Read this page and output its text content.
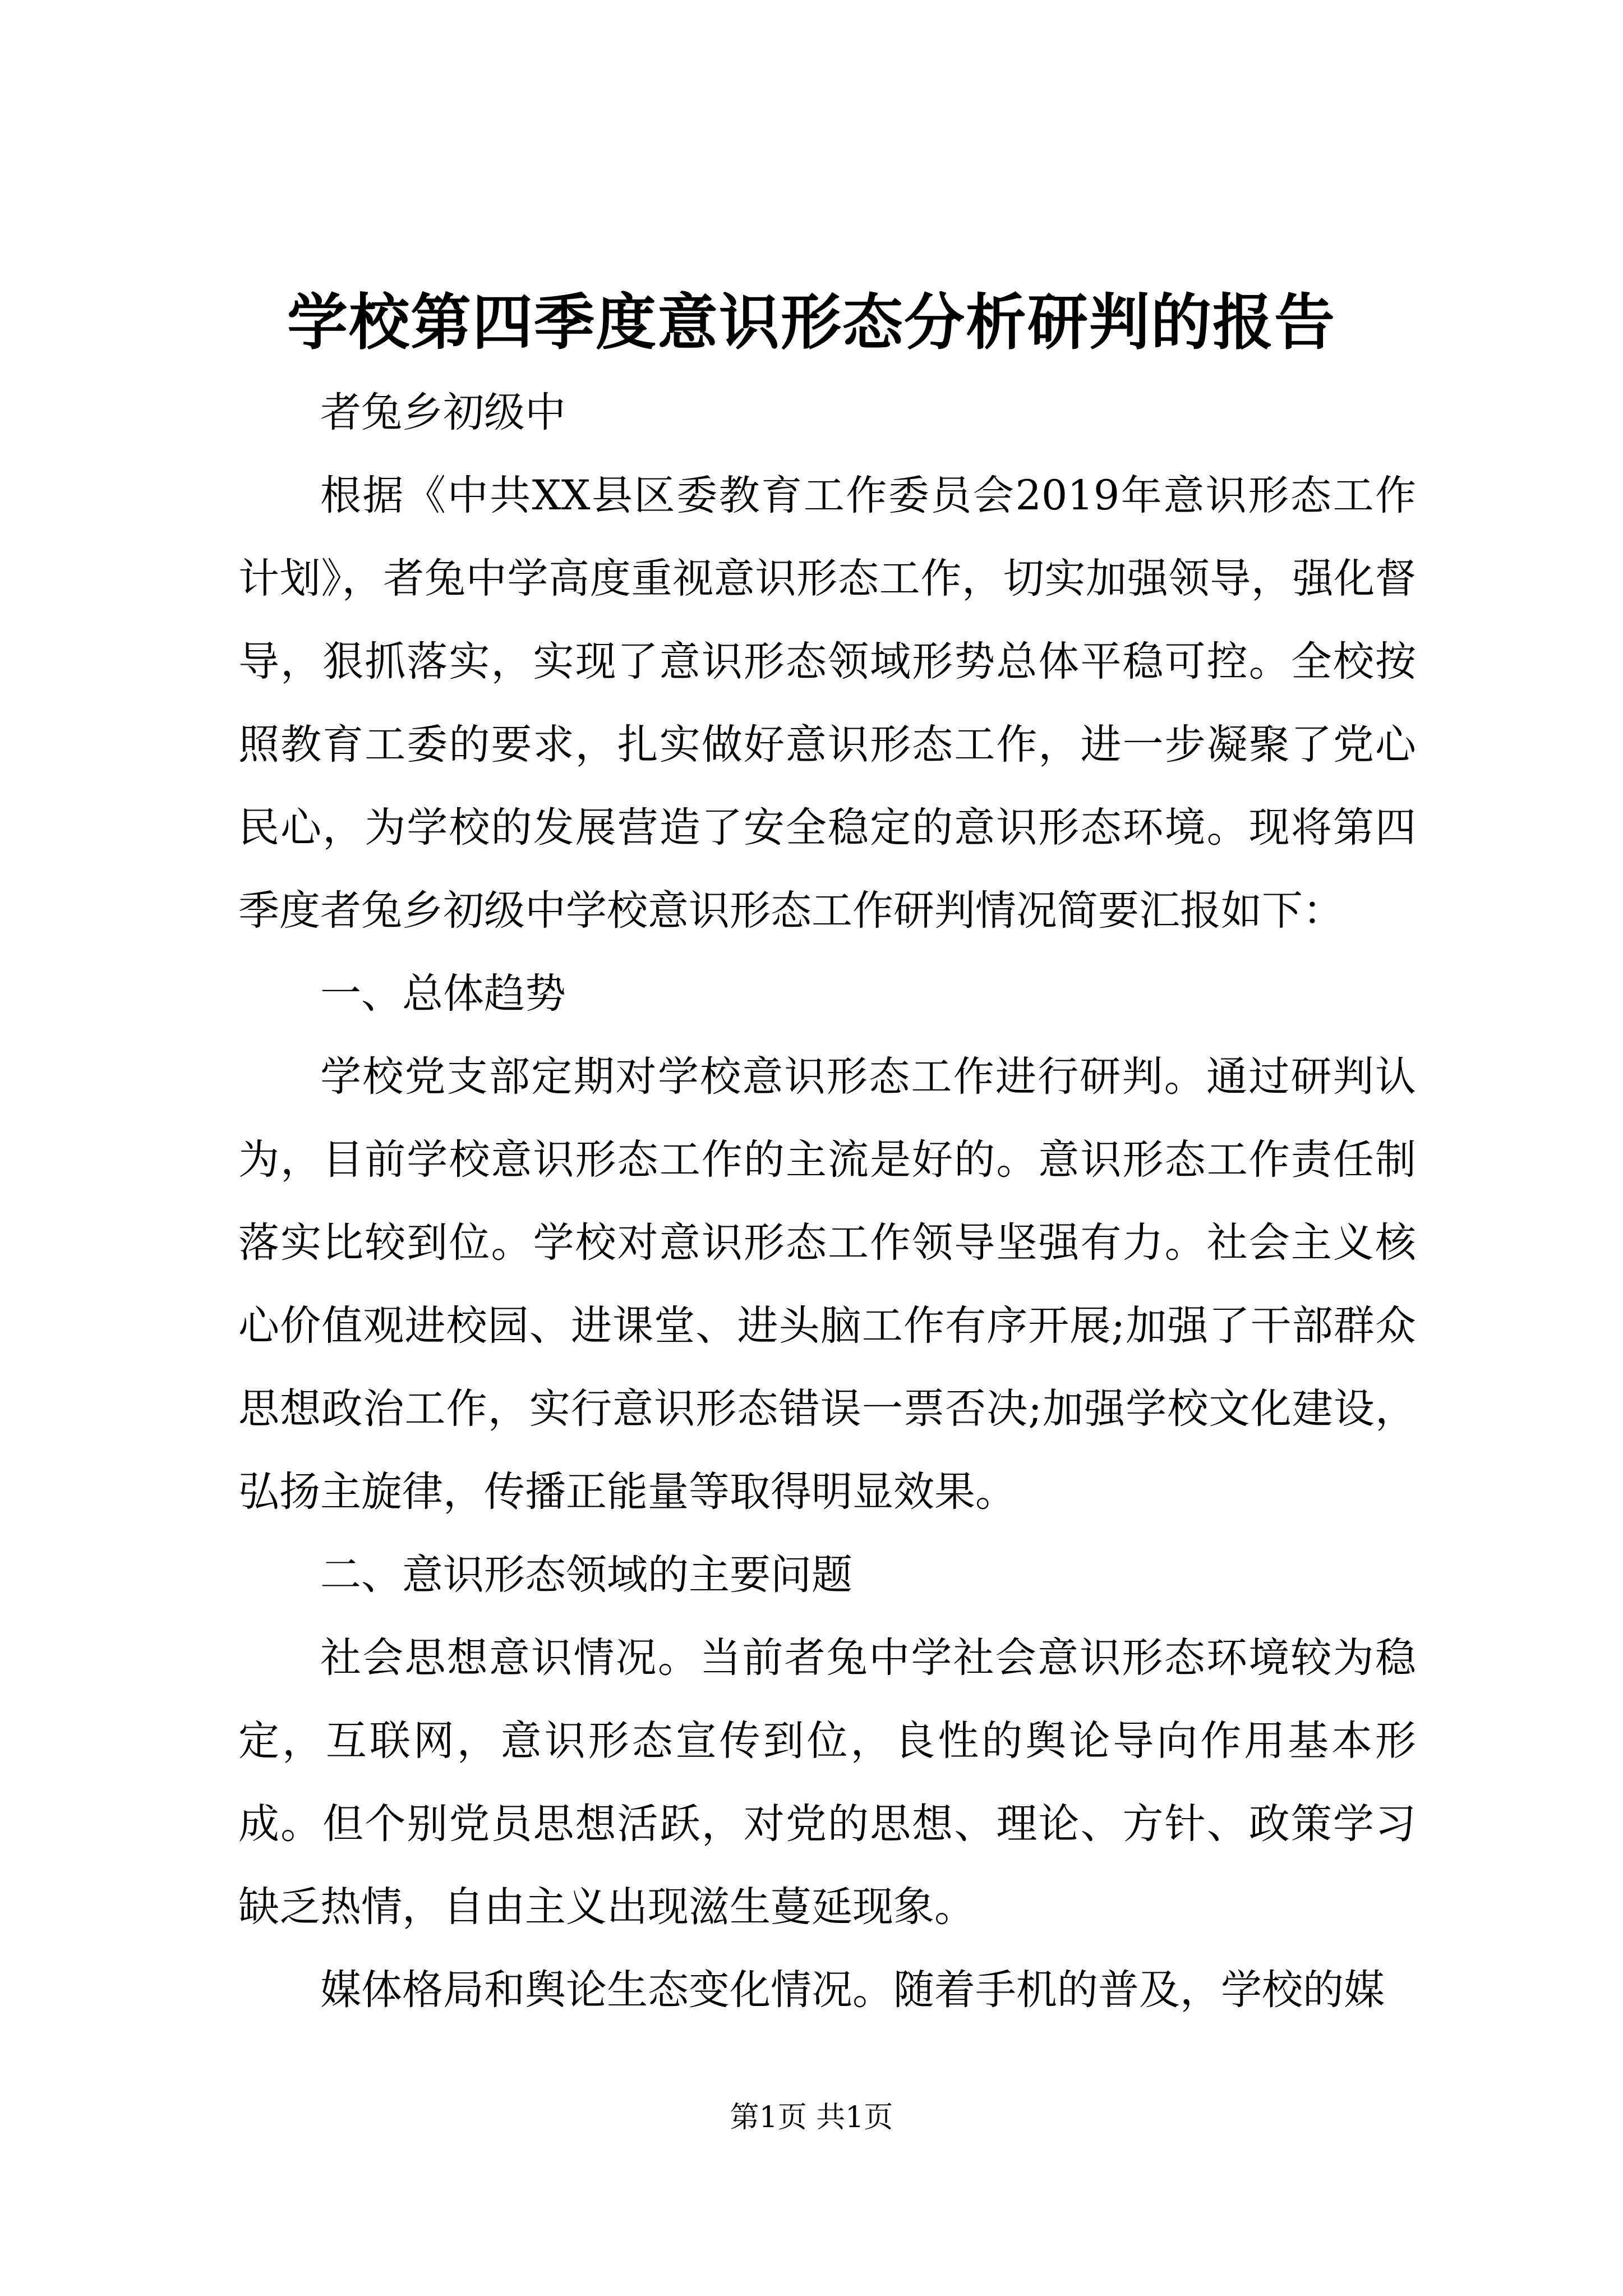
学校第四季度意识形态分析研判的报告

者兔乡初级中

根据《中共XX县区委教育工作委员会2019年意识形态工作计划》，者兔中学高度重视意识形态工作，切实加强领导，强化督导，狠抓落实，实现了意识形态领域形势总体平稳可控。全校按照教育工委的要求，扎实做好意识形态工作，进一步凝聚了党心民心，为学校的发展营造了安全稳定的意识形态环境。现将第四季度者兔乡初级中学校意识形态工作研判情况简要汇报如下：

一、总体趋势

学校党支部定期对学校意识形态工作进行研判。通过研判认为，目前学校意识形态工作的主流是好的。意识形态工作责任制落实比较到位。学校对意识形态工作领导坚强有力。社会主义核心价值观进校园、进课堂、进头脑工作有序开展;加强了干部群众思想政治工作，实行意识形态错误一票否决;加强学校文化建设，弘扬主旋律，传播正能量等取得明显效果。

二、意识形态领域的主要问题

社会思想意识情况。当前者兔中学社会意识形态环境较为稳定，互联网，意识形态宣传到位，良性的舆论导向作用基本形成。但个别党员思想活跃，对党的思想、理论、方针、政策学习缺乏热情，自由主义出现滋生蔓延现象。

媒体格局和舆论生态变化情况。随着手机的普及，学校的媒

第1页 共1页
